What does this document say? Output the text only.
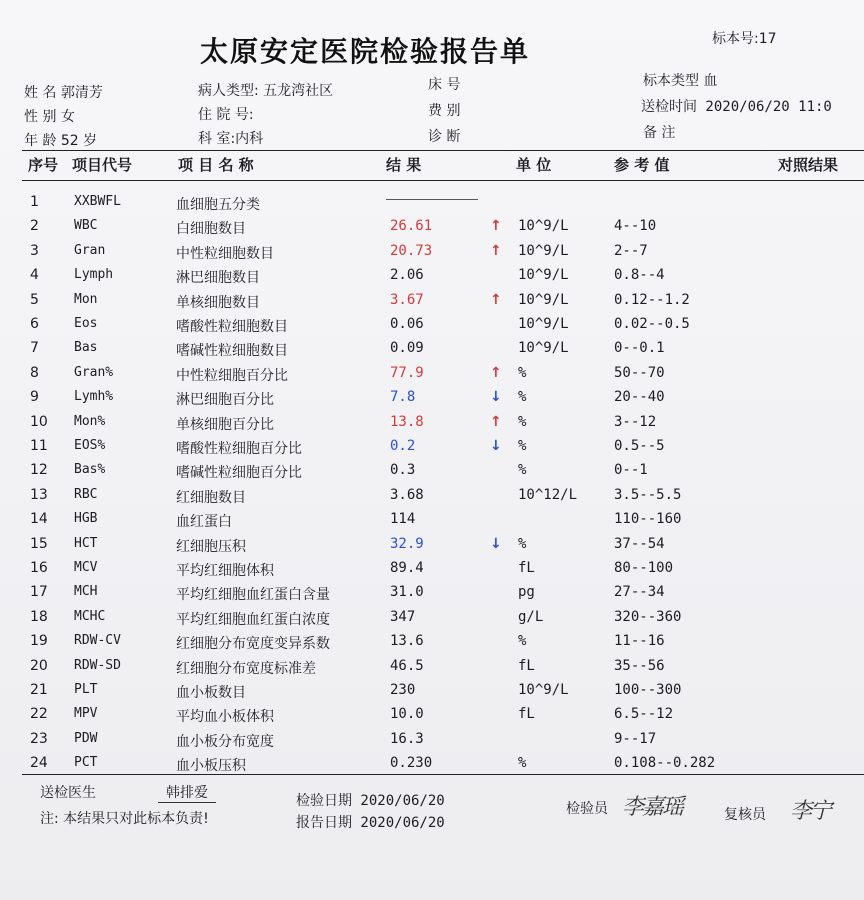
太原安定医院检验报告单	标本号:17
姓 名 郭清芳
性 别 女
年 龄 52 岁
病人类型: 五龙湾社区
住 院 号:
科 室:内科
床 号
费 别
诊 断
标本类型 血
送检时间 2020/06/20 11:0
备 注
序号 项目代号	项 目 名 称	结 果	单 位	参 考 值	对照结果
1	XXBWFL	血细胞五分类
2	WBC	白细胞数目	26.61	↑ 10^9/L	4--10
3	Gran	中性粒细胞数目	20.73	↑ 10^9/L	2--7
4	Lymph	淋巴细胞数目	2.06	10^9/L	0.8--4
5	Mon	单核细胞数目	3.67	↑ 10^9/L	0.12--1.2
6	Eos	嗜酸性粒细胞数目	0.06	10^9/L	0.02--0.5
7	Bas	嗜碱性粒细胞数目	0.09	10^9/L	0--0.1
8	Gran%	中性粒细胞百分比	77.9	↑ %	50--70
9	Lymh%	淋巴细胞百分比	7.8	↓ %	20--40
10 Mon%	单核细胞百分比	13.8	↑ %	3--12
11 EOS%	嗜酸性粒细胞百分比	0.2	↓ %	0.5--5
12 Bas%	嗜碱性粒细胞百分比	0.3	%	0--1
13 RBC	红细胞数目	3.68	10^12/L	3.5--5.5
14 HGB	血红蛋白	114	110--160
15 HCT	红细胞压积	32.9	↓ %	37--54
16 MCV	平均红细胞体积	89.4	fL	80--100
17 MCH	平均红细胞血红蛋白含量	31.0	pg	27--34
18 MCHC	平均红细胞血红蛋白浓度	347	g/L	320--360
19 RDW-CV	红细胞分布宽度变异系数	13.6	%	11--16
20 RDW-SD	红细胞分布宽度标准差	46.5	fL	35--56
21 PLT	血小板数目	230	10^9/L	100--300
22 MPV	平均血小板体积	10.0	fL	6.5--12
23 PDW	血小板分布宽度	16.3	9--17
24 PCT	血小板压积	0.230	%	0.108--0.282
送检医生	韩排爱
注: 本结果只对此标本负责!
检验日期 2020/06/20
报告日期 2020/06/20
检验员 李嘉瑶	复核员 李宁
